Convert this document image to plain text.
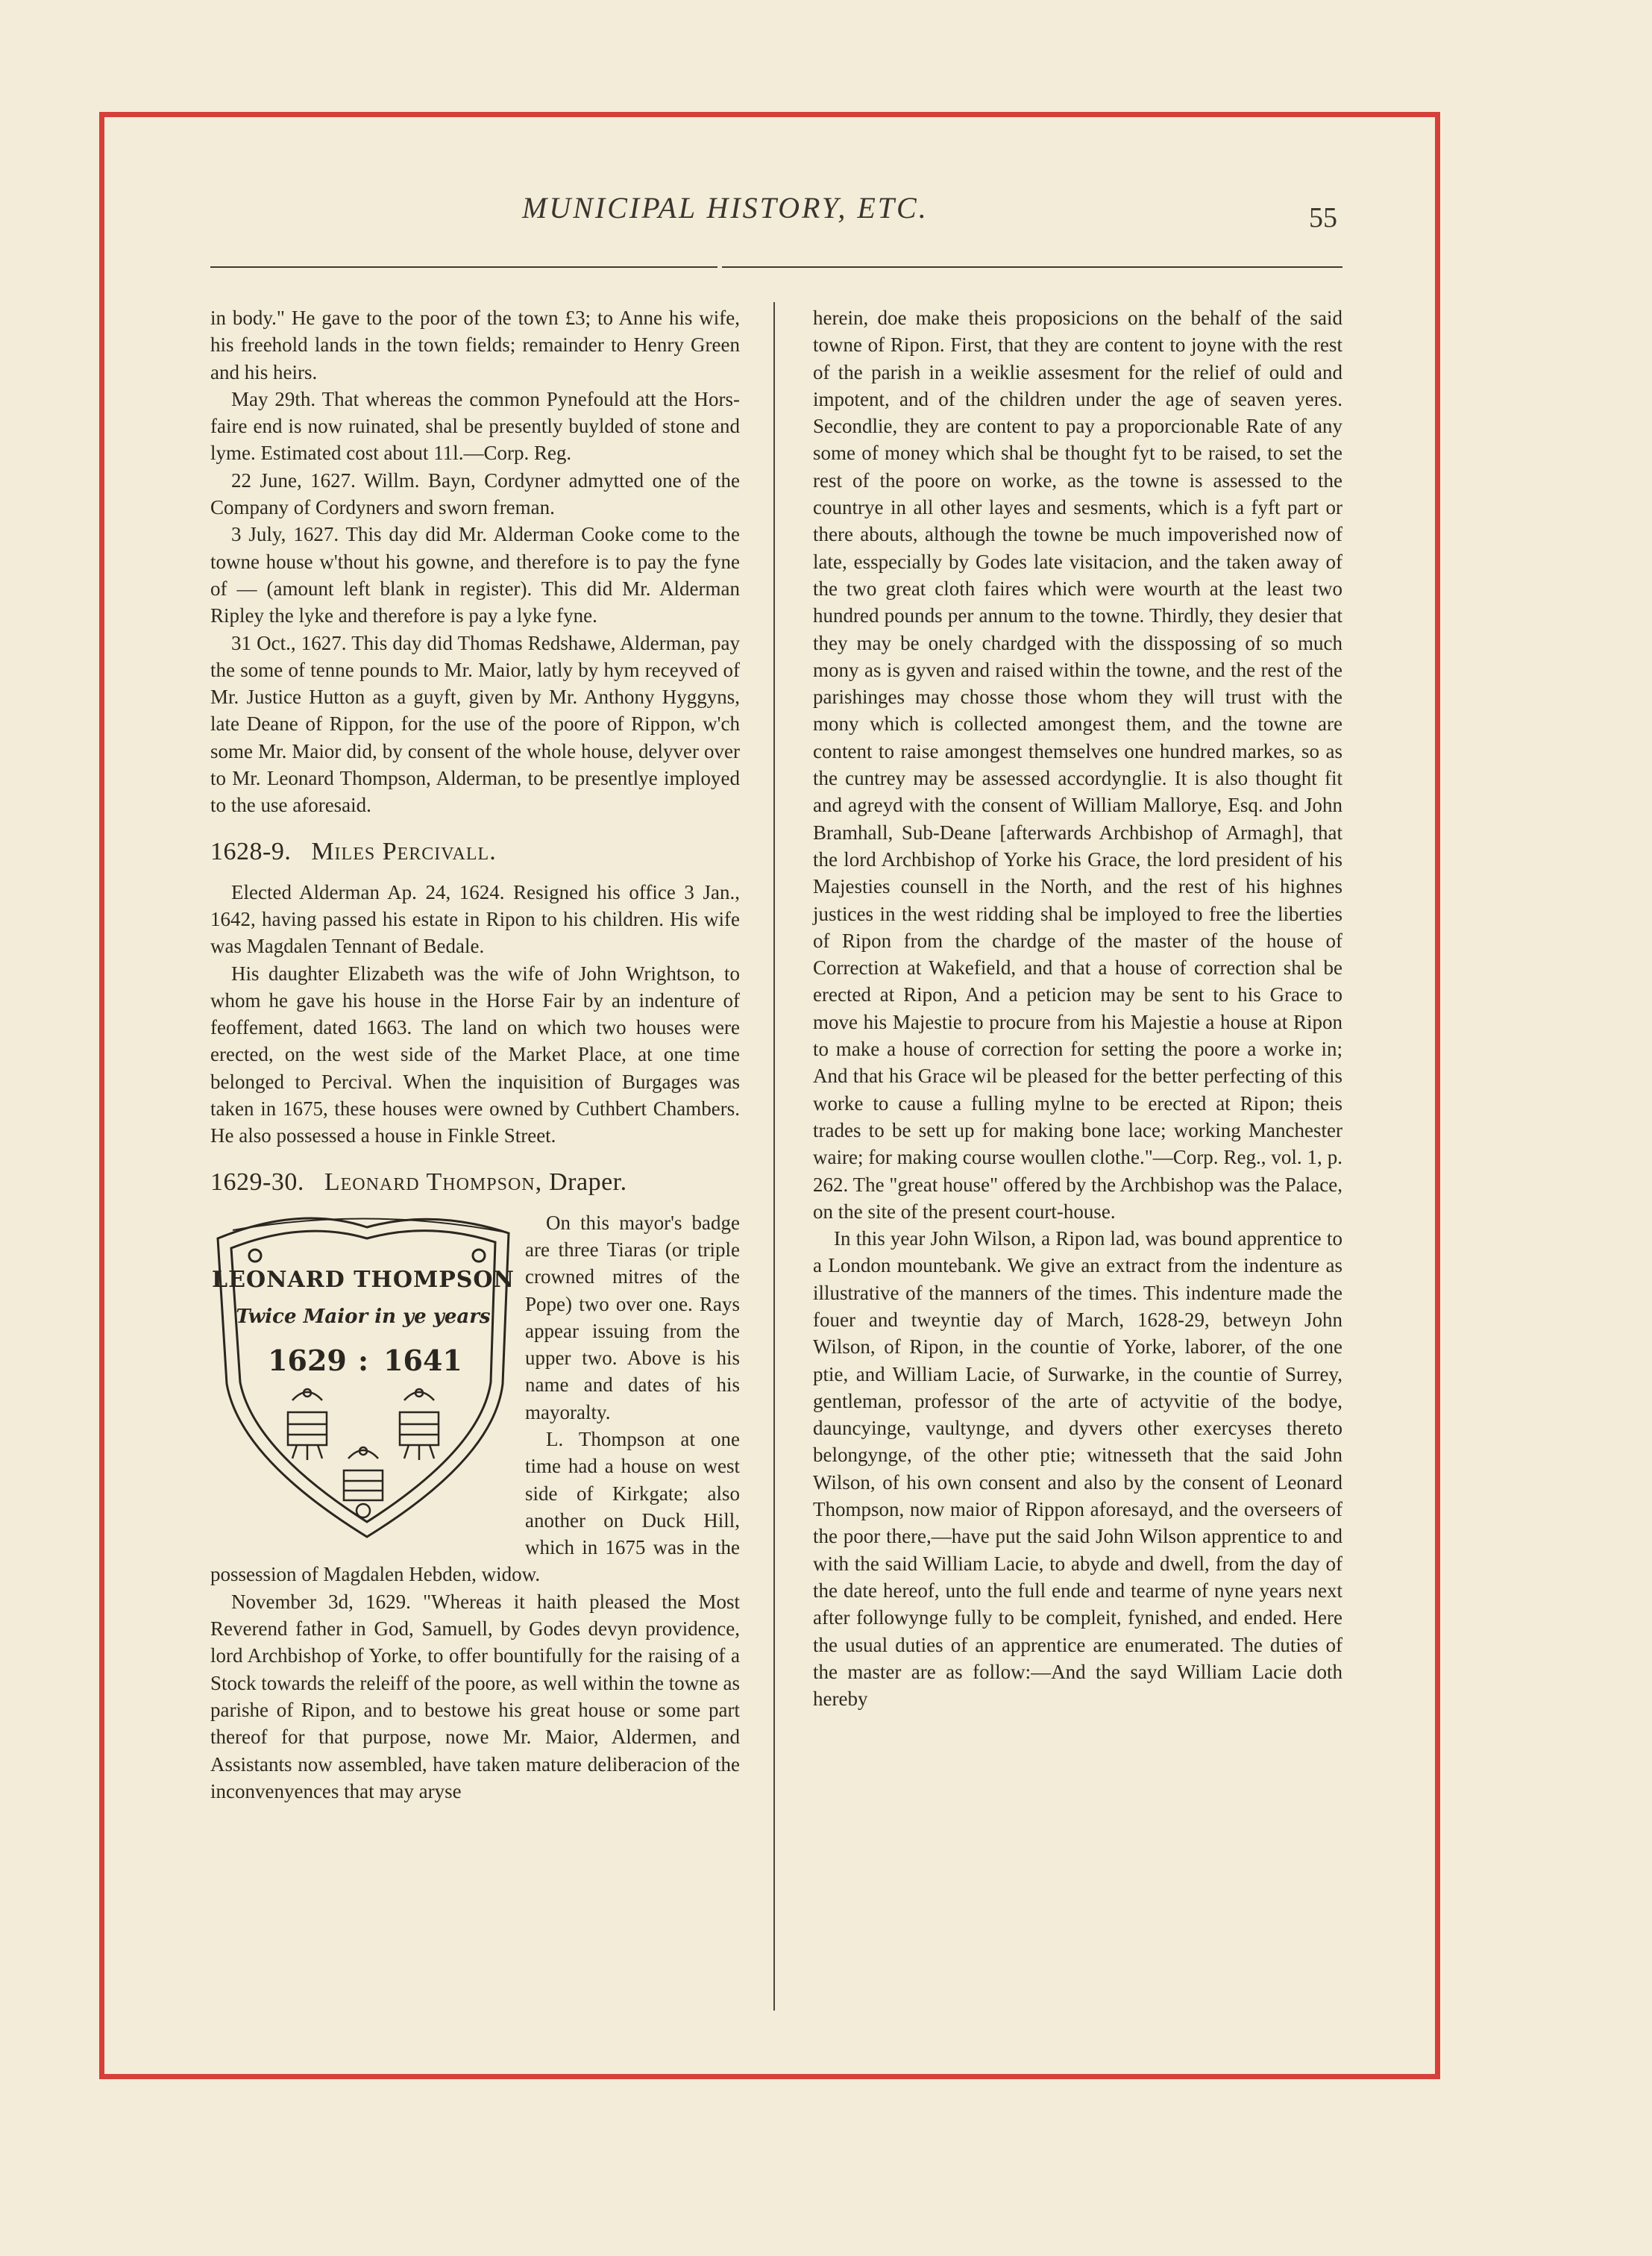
MUNICIPAL HISTORY, ETC.	55

in body." He gave to the poor of the town £3; to Anne his wife, his freehold lands in the town fields; remainder to Henry Green and his heirs.

May 29th. That whereas the common Pynefould att the Hors-faire end is now ruinated, shal be presently buylded of stone and lyme. Estimated cost about 11l.—Corp. Reg.

22 June, 1627. Willm. Bayn, Cordyner admytted one of the Company of Cordyners and sworn freman.

3 July, 1627. This day did Mr. Alderman Cooke come to the towne house w'thout his gowne, and therefore is to pay the fyne of — (amount left blank in register). This did Mr. Alderman Ripley the lyke and therefore is pay a lyke fyne.

31 Oct., 1627. This day did Thomas Redshawe, Alderman, pay the some of tenne pounds to Mr. Maior, latly by hym receyved of Mr. Justice Hutton as a guyft, given by Mr. Anthony Hyggyns, late Deane of Rippon, for the use of the poore of Rippon, w'ch some Mr. Maior did, by consent of the whole house, delyver over to Mr. Leonard Thompson, Alderman, to be presentlye imployed to the use aforesaid.

1628-9. Miles Percivall.

Elected Alderman Ap. 24, 1624. Resigned his office 3 Jan., 1642, having passed his estate in Ripon to his children. His wife was Magdalen Tennant of Bedale.

His daughter Elizabeth was the wife of John Wrightson, to whom he gave his house in the Horse Fair by an indenture of feoffement, dated 1663. The land on which two houses were erected, on the west side of the Market Place, at one time belonged to Percival. When the inquisition of Burgages was taken in 1675, these houses were owned by Cuthbert Chambers. He also possessed a house in Finkle Street.

1629-30. Leonard Thompson, Draper.
LEONARD THOMPSON
Twice Maior in ye years
1629 : 1641

On this mayor's badge are three Tiaras (or triple crowned mitres of the Pope) two over one. Rays appear issuing from the upper two. Above is his name and dates of his mayoralty.

L. Thompson at one time had a house on west side of Kirkgate; also another on Duck Hill, which in 1675 was in the possession of Magdalen Hebden, widow.

November 3d, 1629. "Whereas it haith pleased the Most Reverend father in God, Samuell, by Godes devyn providence, lord Archbishop of Yorke, to offer bountifully for the raising of a Stock towards the releiff of the poore, as well within the towne as parishe of Ripon, and to bestowe his great house or some part thereof for that purpose, nowe Mr. Maior, Aldermen, and Assistants now assembled, have taken mature deliberacion of the inconvenyences that may aryse

herein, doe make theis proposicions on the behalf of the said towne of Ripon. First, that they are content to joyne with the rest of the parish in a weiklie assesment for the relief of ould and impotent, and of the children under the age of seaven yeres. Secondlie, they are content to pay a proporcionable Rate of any some of money which shal be thought fyt to be raised, to set the rest of the poore on worke, as the towne is assessed to the countrye in all other layes and sesments, which is a fyft part or there abouts, although the towne be much impoverished now of late, esspecially by Godes late visitacion, and the taken away of the two great cloth faires which were wourth at the least two hundred pounds per annum to the towne. Thirdly, they desier that they may be onely chardged with the disspossing of so much mony as is gyven and raised within the towne, and the rest of the parishinges may chosse those whom they will trust with the mony which is collected amongest them, and the towne are content to raise amongest themselves one hundred markes, so as the cuntrey may be assessed accordynglie. It is also thought fit and agreyd with the consent of William Mallorye, Esq. and John Bramhall, Sub-Deane [afterwards Archbishop of Armagh], that the lord Archbishop of Yorke his Grace, the lord president of his Majesties counsell in the North, and the rest of his highnes justices in the west ridding shal be imployed to free the liberties of Ripon from the chardge of the master of the house of Correction at Wakefield, and that a house of correction shal be erected at Ripon, And a peticion may be sent to his Grace to move his Majestie to procure from his Majestie a house at Ripon to make a house of correction for setting the poore a worke in; And that his Grace wil be pleased for the better perfecting of this worke to cause a fulling mylne to be erected at Ripon; theis trades to be sett up for making bone lace; working Manchester waire; for making course woullen clothe."—Corp. Reg., vol. 1, p. 262. The "great house" offered by the Archbishop was the Palace, on the site of the present court-house.

In this year John Wilson, a Ripon lad, was bound apprentice to a London mountebank. We give an extract from the indenture as illustrative of the manners of the times. This indenture made the fouer and tweyntie day of March, 1628-29, betweyn John Wilson, of Ripon, in the countie of Yorke, laborer, of the one ptie, and William Lacie, of Surwarke, in the countie of Surrey, gentleman, professor of the arte of actyvitie of the bodye, dauncyinge, vaultynge, and dyvers other exercyses thereto belongynge, of the other ptie; witnesseth that the said John Wilson, of his own consent and also by the consent of Leonard Thompson, now maior of Rippon aforesayd, and the overseers of the poor there,—have put the said John Wilson apprentice to and with the said William Lacie, to abyde and dwell, from the day of the date hereof, unto the full ende and tearme of nyne years next after followynge fully to be compleit, fynished, and ended. Here the usual duties of an apprentice are enumerated. The duties of the master are as follow:—And the sayd William Lacie doth hereby
